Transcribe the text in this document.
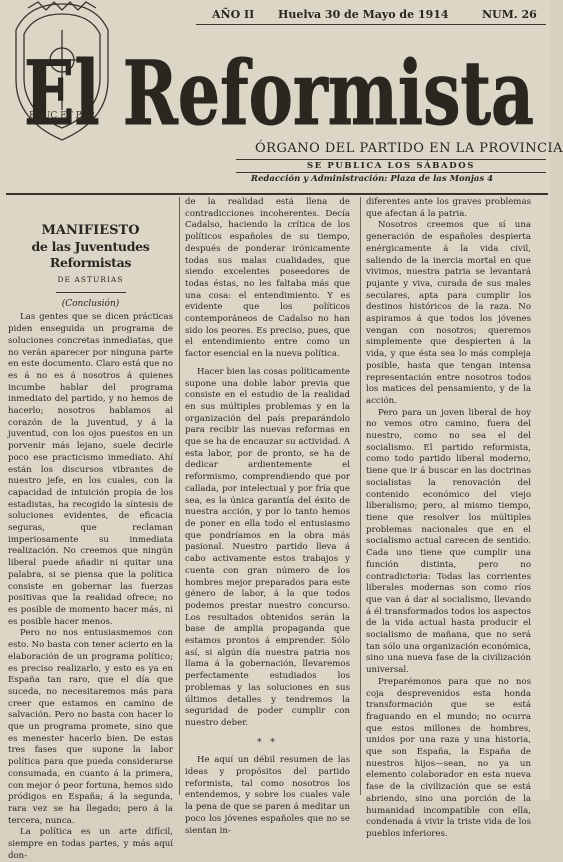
EDUC ET PER
AÑO II Huelva 30 de Mayo de 1914	NUM. 26
El Reformista
ÓRGANO DEL PARTIDO EN LA PROVINCIA
SE PUBLICA LOS SÁBADOS
Redacción y Administración: Plaza de las Monjas 4
MANIFIESTO
de las Juventudes Reformistas
DE ASTURIAS
(Conclusión)

Las gentes que se dicen prácticas piden enseguida un programa de soluciones concretas inmediatas, que no verán aparecer por ninguna parte en este documento. Claro está que no es á no es á nosotros á quienes incumbe hablar del programa inmediato del partido, y no hemos de hacerlo; nosotros hablamos al corazón de la juventud, y á la juventud, con los ojos puestos en un porvenir más lejano, suele decirle poco ese practicismo inmediato. Ahí están los discursos vibrantes de nuestro jefe, en los cuales, con la capacidad de intuición propia de los estadistas, ha recogido la síntesis de soluciones evidentes, de eficacia seguras, que reclaman imperiosamente su inmediata realización. No creemos que ningún liberal puede añadir ni quitar una palabra, si se piensa que la política consiste en gobernar las fuerzas positivas que la realidad ofrece; no es posible de momento hacer más, ni es posible hacer menos.

Pero no nos entusiasmemos con esto. No basta con tener acierto en la elaboración de un programa político; es preciso realizarlo, y esto es ya en España tan raro, que el día que suceda, no necesitaremos más para creer que estamos en camino de salvación. Pero no basta con hacer lo que un programa promete, sino que es menester hacerlo bien. De estas tres fases que supone la labor política para que pueda considerarse consumada, en cuanto á la primera, con mejor ó peor fortuna, hemos sido pródigos en España; á la segunda, rara vez se ha llegado; pero á la tercera, nunca.

La política es un arte difícil, siempre en todas partes, y más aquí don-

de la realidad está llena de contradicciones incoherentes. Decía Cadalso, haciendo la crítica de los políticos españoles de su tiempo, después de ponderar irónicamente todas sus malas cualidades, que siendo excelentes poseedores de todas éstas, no les faltaba más que una cosa: el entendimiento. Y es evidente que los políticos contemporáneos de Cadalso no han sido los peores. Es preciso, pues, que el entendimiento entre como un factor esencial en la nueva política.

Hacer bien las cosas políticamente supone una doble labor previa que consiste en el estudio de la realidad en sus múltiples problemas y en la organización del país preparándolo para recibir las nuevas reformas en que se ha de encauzar su actividad. A esta labor, por de pronto, se ha de dedicar ardientemente el reformismo, comprendiendo que por callada, por intelectual y por fría que sea, es la única garantía del éxito de nuestra acción, y por lo tanto hemos de poner en ella todo el entusiasmo que pondríamos en la obra más pasional. Nuestro partido lleva á cabo activamente estos trabajos y cuenta con gran número de los hombres mejor preparados para este género de labor, á la que todos podemos prestar nuestro concurso. Los resultados obtenidos serán la base de amplia propaganda que estamos prontos á emprender. Sólo así, si algún día nuestra patria nos llama á la gobernación, llevaremos perfectamente estudiados los problemas y las soluciones en sus últimos detalles y tendremos la seguridad de poder cumplir con nuestro deber.

* *

He aquí un débil resumen de las ideas y propósitos del partido reformista, tal como nosotros los entendemos, y sobre los cuales vale la pena de que se paren á meditar un poco los jóvenes españoles que no se sientan in-

diferentes ante los graves problemas que afectan á la patria.

Nosotros creemos que sí una generación de españoles despierta enérgicamente á la vida civil, saliendo de la inercia mortal en que vivimos, nuestra patria se levantará pujante y viva, curada de sus males seculares, apta para cumplir los destinos históricos de la raza. No aspiramos á que todos los jóvenes vengan con nosotros; queremos simplemente que despierten á la vida, y que ésta sea lo más compleja posible, hasta que tengan intensa representación entre nosotros todos los matices del pensamiento, y de la acción.

Pero para un joven liberal de hoy no vemos otro camino, fuera del nuestro, como no sea el del socialismo. El partido reformista, como todo partido liberal moderno, tiene que ir á buscar en las doctrinas socialistas la renovación del contenido económico del viejo liberalismo; pero, al mismo tiempo, tiene que resolver los múltiples problemas nacionales que en el socialismo actual carecen de sentido. Cada uno tiene que cumplir una función distinta, pero no contradictoria: Todas las corrientes liberales modernas son como ríos que van á dar al socialismo, llevando á él transformados todos los aspectos de la vida actual hasta producir el socialismo de mañana, que no será tan sólo una organización económica, sino una nueva fase de la civilización universal.

Preparémonos para que no nos coja desprevenidos esta honda transformación que se está fraguando en el mundo; no ocurra que estos millones de hombres, unidos por una raza y una historia, que son España, la España de nuestros hijos—sean, no ya un elemento colaborador en esta nueva fase de la civilización que se está abriendo, sino una porción de la humanidad incompatible con ella, condenada á vivir la triste vida de los pueblos inferiores.
